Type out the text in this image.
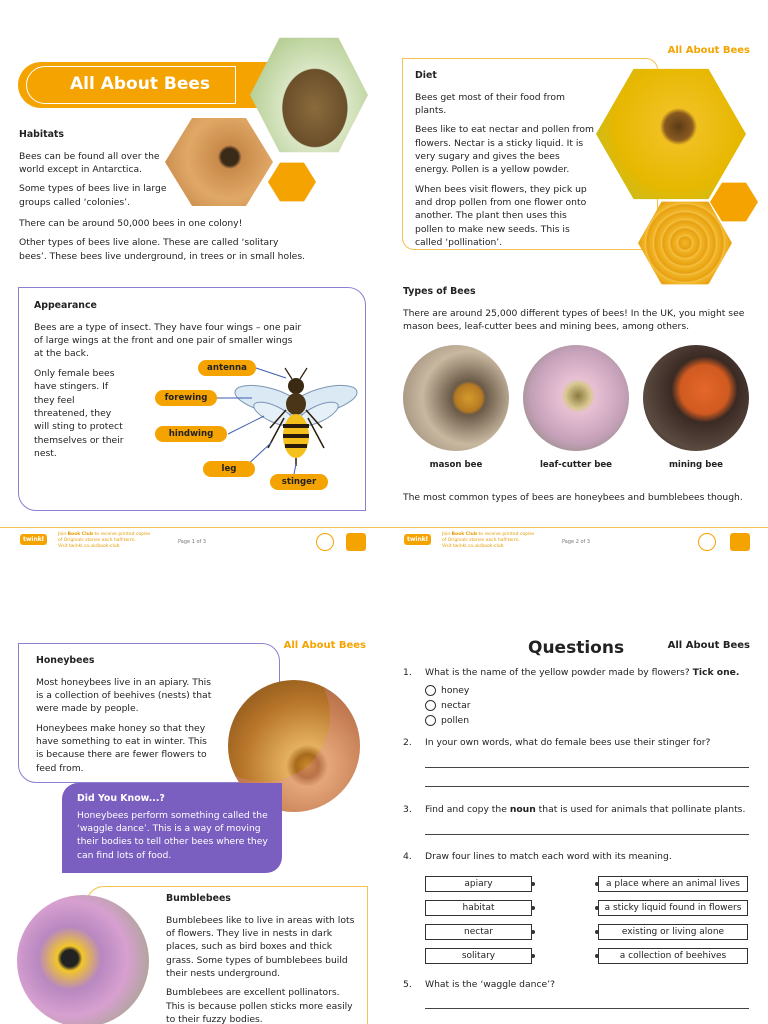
All About Bees
Habitats

Bees can be found all over the world except in Antarctica.

Some types of bees live in large groups called ‘colonies’.

There can be around 50,000 bees in one colony!

Other types of bees live alone. These are called ‘solitary bees’. These bees live underground, in trees or in small holes.

Appearance

Bees are a type of insect. They have four wings – one pair of large wings at the front and one pair of smaller wings at the back.

Only female bees have stingers. If they feel threatened, they will sting to protect themselves or their nest.
antenna
forewing
hindwing
leg
stinger
twinkl
Join Book Club to receive printed copies
of Originals stories each half-term.
Visit twinkl.co.uk/book-club
Page 1 of 3
All About Bees
Diet

Bees get most of their food from plants.

Bees like to eat nectar and pollen from flowers. Nectar is a sticky liquid. It is very sugary and gives the bees energy. Pollen is a yellow powder.

When bees visit flowers, they pick up and drop pollen from one flower onto another. The plant then uses this pollen to make new seeds. This is called ‘pollination’.

Types of Bees

There are around 25,000 different types of bees! In the UK, you might see mason bees, leaf-cutter bees and mining bees, among others.

mason bee	leaf-cutter bee	mining bee
The most common types of bees are honeybees and bumblebees though.
twinkl
Join Book Club to receive printed copies
of Originals stories each half-term.
Visit twinkl.co.uk/book-club
Page 2 of 3
All About Bees
Honeybees

Most honeybees live in an apiary. This is a collection of beehives (nests) that were made by people.

Honeybees make honey so that they have something to eat in winter. This is because there are fewer flowers to feed from.

Did You Know...?

Honeybees perform something called the ‘waggle dance’. This is a way of moving their bodies to tell other bees where they can find lots of food.

Bumblebees

Bumblebees like to live in areas with lots of flowers. They live in nests in dark places, such as bird boxes and thick grass. Some types of bumblebees build their nests underground.

Bumblebees are excellent pollinators. This is because pollen sticks more easily to their fuzzy bodies.

Questions	All About Bees
1. What is the name of the yellow powder made by flowers? Tick one.
honey
nectar
pollen
2. In your own words, what do female bees use their stinger for?
3. Find and copy the noun that is used for animals that pollinate plants.
4. Draw four lines to match each word with its meaning.
apiary
habitat
nectar
solitary
a place where an animal lives
a sticky liquid found in flowers
existing or living alone
a collection of beehives
5. What is the ‘waggle dance’?
